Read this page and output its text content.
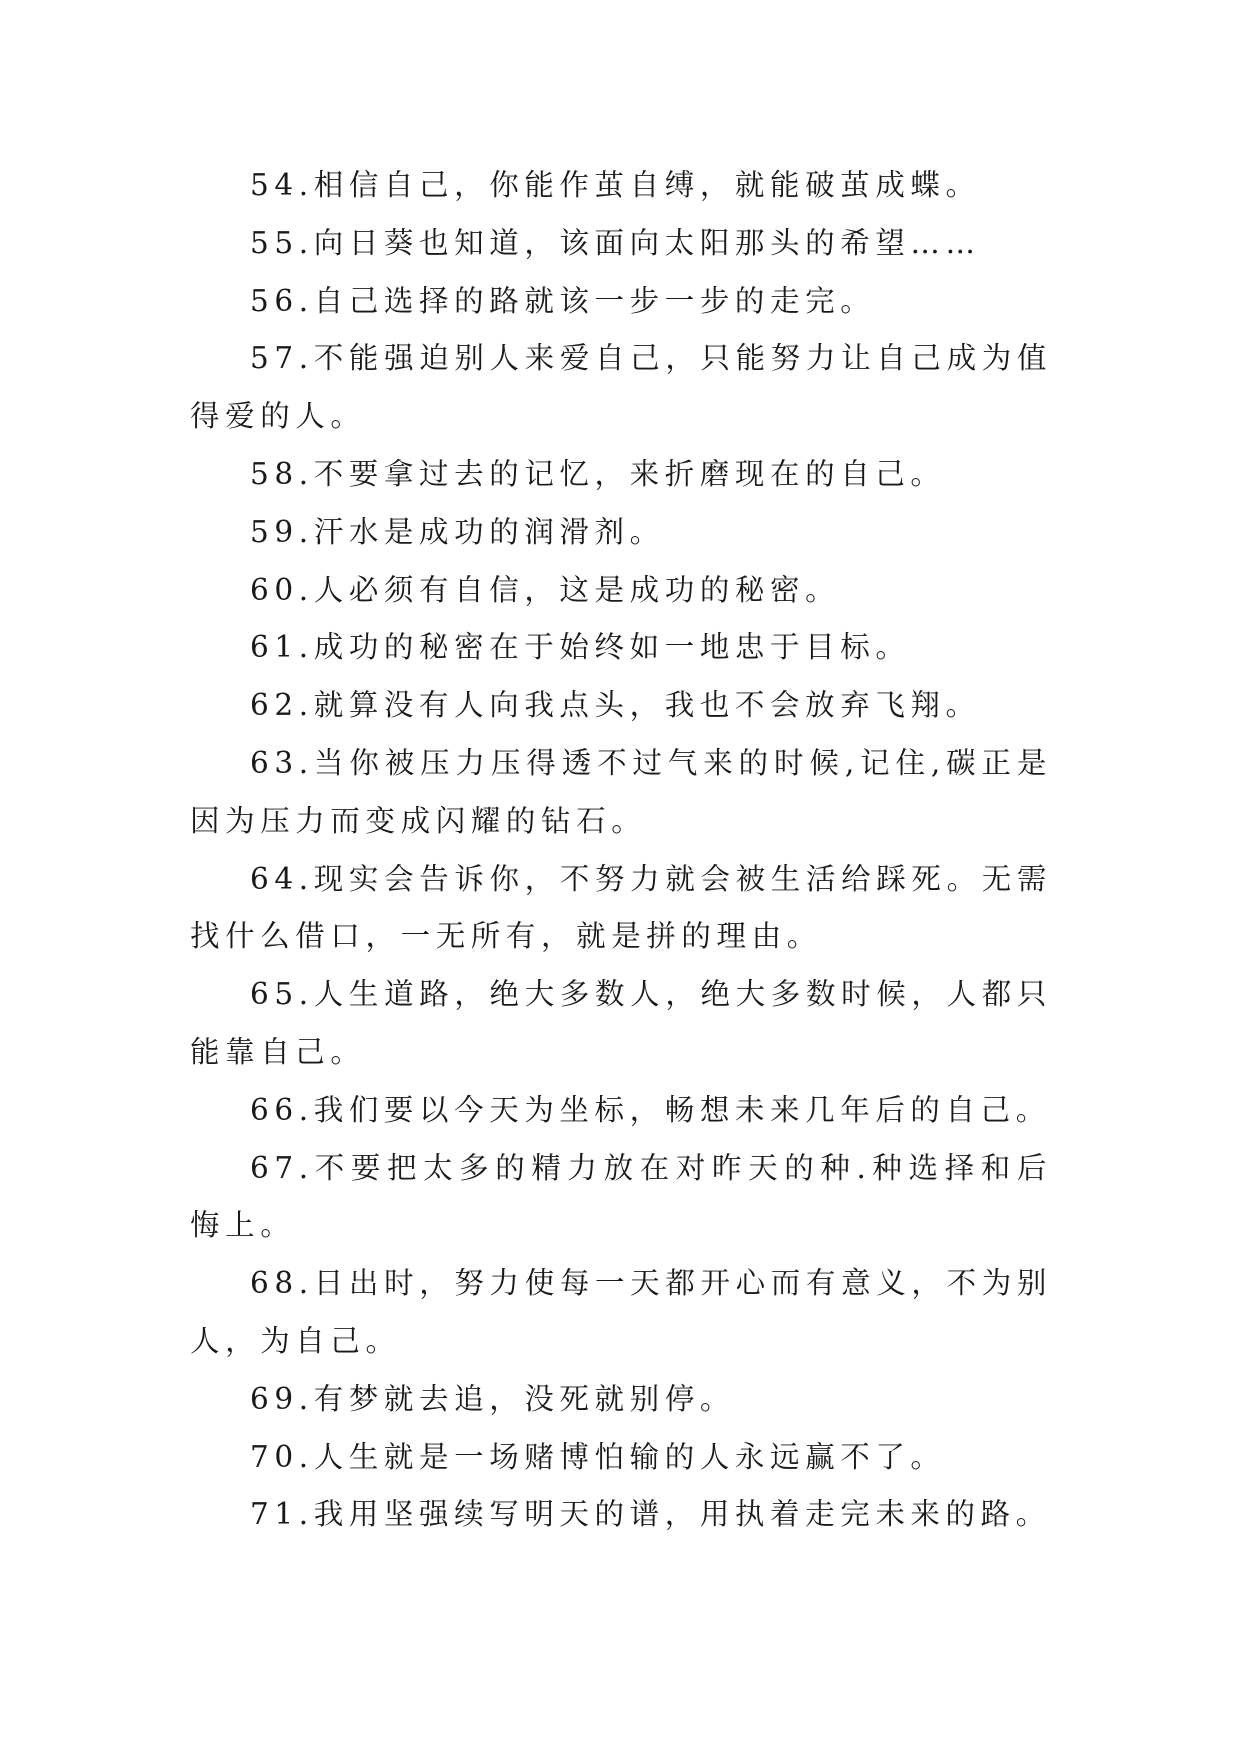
54.相信自己，你能作茧自缚，就能破茧成蝶。

55.向日葵也知道，该面向太阳那头的希望……

56.自己选择的路就该一步一步的走完。

57.不能强迫别人来爱自己，只能努力让自己成为值得爱的人。

58.不要拿过去的记忆，来折磨现在的自己。

59.汗水是成功的润滑剂。

60.人必须有自信，这是成功的秘密。

61.成功的秘密在于始终如一地忠于目标。

62.就算没有人向我点头，我也不会放弃飞翔。

63.当你被压力压得透不过气来的时候,记住,碳正是因为压力而变成闪耀的钻石。

64.现实会告诉你，不努力就会被生活给踩死。无需找什么借口，一无所有，就是拼的理由。

65.人生道路，绝大多数人，绝大多数时候，人都只能靠自己。

66.我们要以今天为坐标，畅想未来几年后的自己。

67.不要把太多的精力放在对昨天的种.种选择和后悔上。

68.日出时，努力使每一天都开心而有意义，不为别人，为自己。

69.有梦就去追，没死就别停。

70.人生就是一场赌博怕输的人永远赢不了。

71.我用坚强续写明天的谱，用执着走完未来的路。
